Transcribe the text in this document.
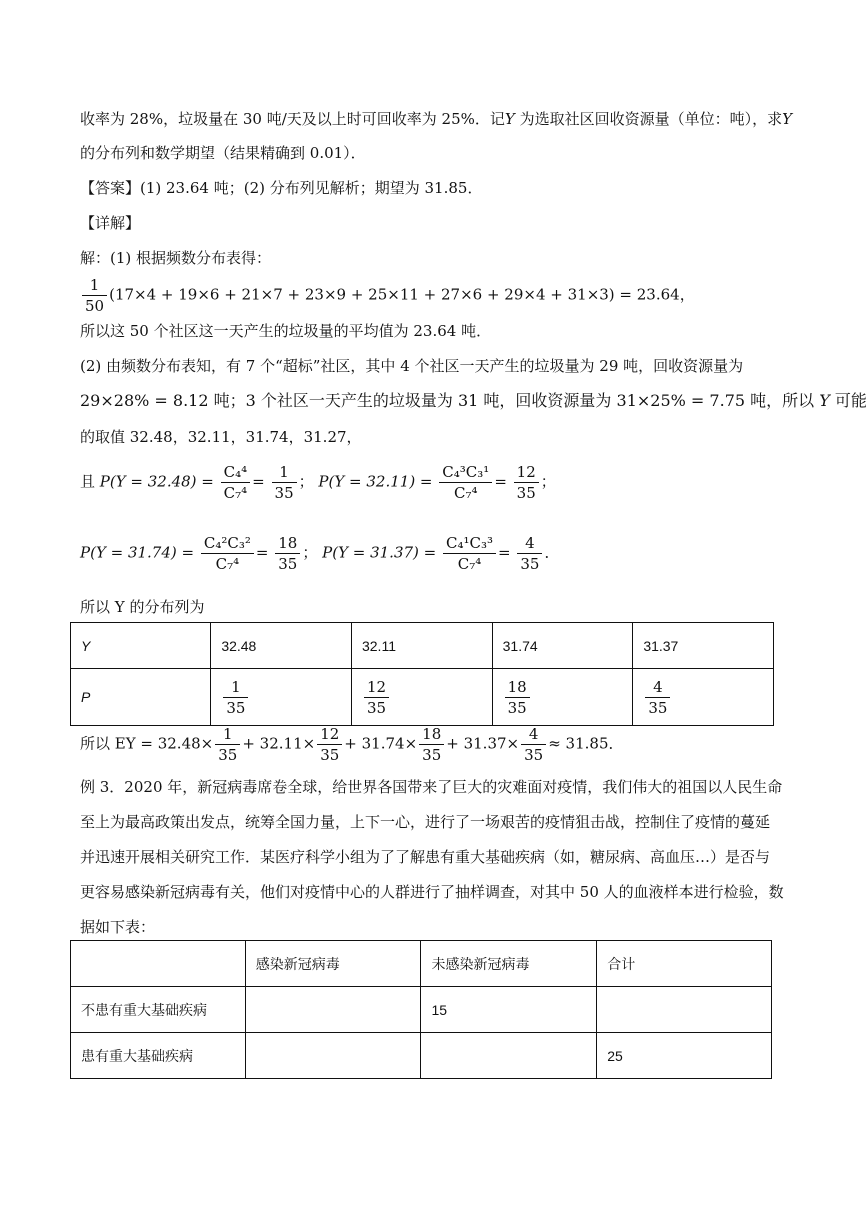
收率为 28%，垃圾量在 30 吨/天及以上时可回收率为 25%．记Y 为选取社区回收资源量（单位：吨），求Y
的分布列和数学期望（结果精确到 0.01）．
【答案】(1) 23.64 吨；(2) 分布列见解析；期望为 31.85．
【详解】
解：(1) 根据频数分布表得：
$\frac{1}{50} (17\times 4 + 19\times 6 + 21\times 7 + 23\times 9 + 25\times 11 + 27\times 6 + 29\times 4 + 31\times 3) = 23.64$，
所以这 50 个社区这一天产生的垃圾量的平均值为 23.64 吨．
(2) 由频数分布表知，有 7 个“超标”社区，其中 4 个社区一天产生的垃圾量为 29 吨，回收资源量为
29×28% = 8.12 吨；3 个社区一天产生的垃圾量为 31 吨，回收资源量为 31×25% = 7.75 吨，所以 Y 可能
的取值 32.48，32.11，31.74，31.27，
且 $P(Y = 32.48) = \frac{\text{C₄⁴}}{\text{C₇⁴}} = \frac{1}{35}$ ； $P(Y = 32.11) = \frac{\text{C₄³C₃¹}}{\text{C₇⁴}} = \frac{12}{35}$ ；
$P(Y = 31.74) = \frac{\text{C₄²C₃²}}{\text{C₇⁴}} = \frac{18}{35}$ ； $P(Y = 31.37) = \frac{\text{C₄¹C₃³}}{\text{C₇⁴}} = \frac{4}{35}$ ．
所以 Y 的分布列为
Y	32.48	32.11	31.74	31.37
P	$\frac{1}{35}$	$\frac{12}{35}$	$\frac{18}{35}$	$\frac{4}{35}$
所以 EY = $32.48\times \frac{1}{35} + 32.11\times \frac{12}{35} + 31.74\times \frac{18}{35} + 31.37\times \frac{4}{35} \approx 31.85$．
例 3．2020 年，新冠病毒席卷全球，给世界各国带来了巨大的灾难面对疫情，我们伟大的祖国以人民生命
至上为最高政策出发点，统筹全国力量，上下一心，进行了一场艰苦的疫情狙击战，控制住了疫情的蔓延
并迅速开展相关研究工作．某医疗科学小组为了了解患有重大基础疾病（如，糖尿病、高血压…）是否与
更容易感染新冠病毒有关，他们对疫情中心的人群进行了抽样调查，对其中 50 人的血液样本进行检验，数
据如下表：
	感染新冠病毒	未感染新冠病毒	合计
不患有重大基础疾病		15	
患有重大基础疾病			25
